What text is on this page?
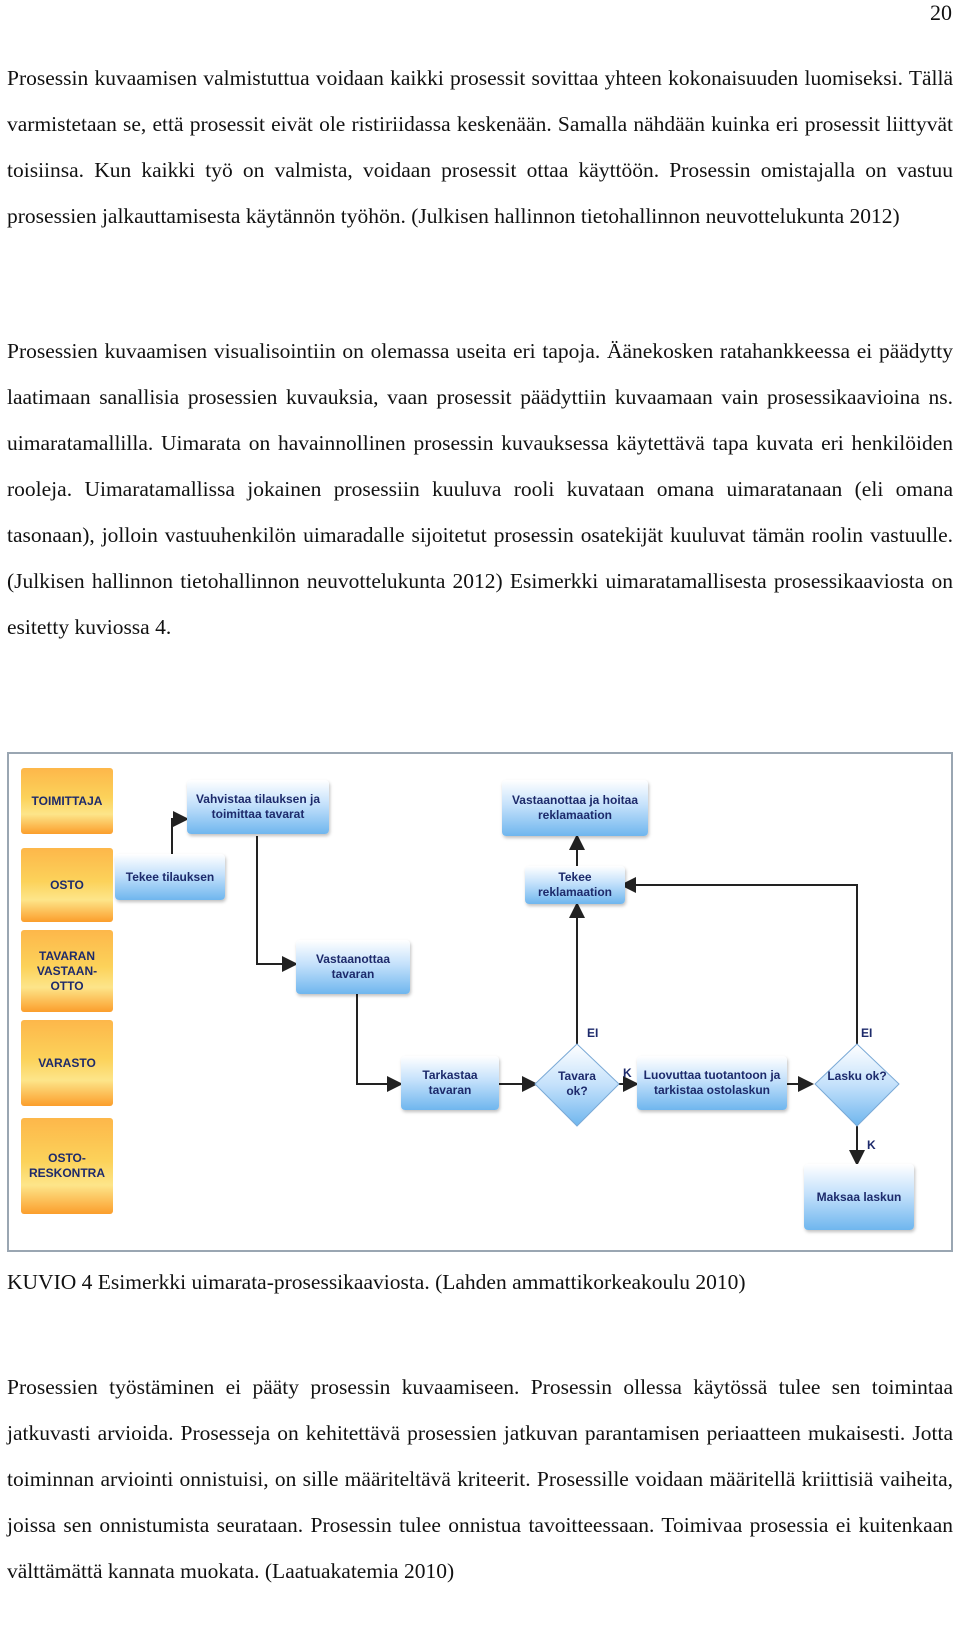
20

Prosessin kuvaamisen valmistuttua voidaan kaikki prosessit sovittaa yhteen kokonaisuuden luomiseksi. Tällä varmistetaan se, että prosessit eivät ole ristiriidassa keskenään. Samalla nähdään kuinka eri prosessit liittyvät toisiinsa. Kun kaikki työ on valmista, voidaan prosessit ottaa käyttöön. Prosessin omistajalla on vastuu prosessien jalkauttamisesta käytännön työhön. (Julkisen hallinnon tietohallinnon neuvottelukunta 2012)

Prosessien kuvaamisen visualisointiin on olemassa useita eri tapoja. Äänekosken ratahankkeessa ei päädytty laatimaan sanallisia prosessien kuvauksia, vaan prosessit päädyttiin kuvaamaan vain prosessikaavioina ns. uimaratamallilla. Uimarata on havainnollinen prosessin kuvauksessa käytettävä tapa kuvata eri henkilöiden rooleja. Uimaratamallissa jokainen prosessiin kuuluva rooli kuvataan omana uimaratanaan (eli omana tasonaan), jolloin vastuuhenkilön uimaradalle sijoitetut prosessin osatekijät kuuluvat tämän roolin vastuulle. (Julkisen hallinnon tietohallinnon neuvottelukunta 2012) Esimerkki uimaratamallisesta prosessikaaviosta on esitetty kuviossa 4.

TOIMITTAJA
OSTO
TAVARAN VASTAAN- OTTO
VARASTO
OSTO- RESKONTRA
Vahvistaa tilauksen ja toimittaa tavarat
Vastaanottaa ja hoitaa reklamaation
Tekee tilauksen	Tekee reklamaation
Vastaanottaa tavaran
Tarkastaa tavaran
Luovuttaa tuotantoon ja tarkistaa ostolaskun
Maksaa laskun
Tavara ok?
Lasku ok?
EI
K
EI
K

KUVIO 4 Esimerkki uimarata-prosessikaaviosta. (Lahden ammattikorkeakoulu 2010)

Prosessien työstäminen ei pääty prosessin kuvaamiseen. Prosessin ollessa käytössä tulee sen toimintaa jatkuvasti arvioida. Prosesseja on kehitettävä prosessien jatkuvan parantamisen periaatteen mukaisesti. Jotta toiminnan arviointi onnistuisi, on sille määriteltävä kriteerit. Prosessille voidaan määritellä kriittisiä vaiheita, joissa sen onnistumista seurataan. Prosessin tulee onnistua tavoitteessaan. Toimivaa prosessia ei kuitenkaan välttämättä kannata muokata. (Laatuakatemia 2010)
